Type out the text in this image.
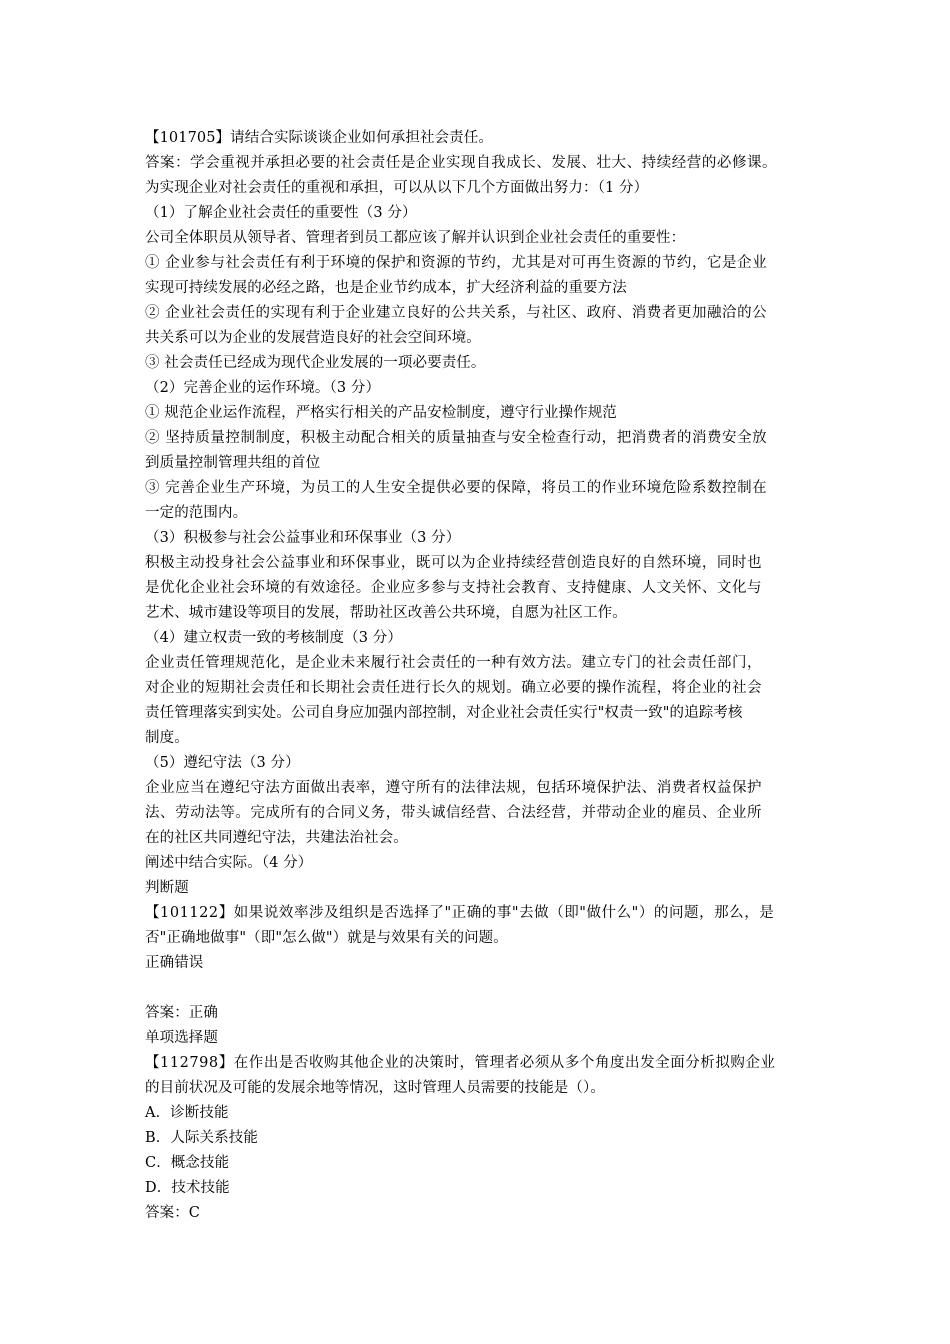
【101705】请结合实际谈谈企业如何承担社会责任。
答案：学会重视并承担必要的社会责任是企业实现自我成长、发展、壮大、持续经营的必修课。
为实现企业对社会责任的重视和承担，可以从以下几个方面做出努力：（1 分）
（1）了解企业社会责任的重要性（3 分）
公司全体职员从领导者、管理者到员工都应该了解并认识到企业社会责任的重要性：
① 企业参与社会责任有利于环境的保护和资源的节约，尤其是对可再生资源的节约，它是企业
实现可持续发展的必经之路，也是企业节约成本，扩大经济利益的重要方法
② 企业社会责任的实现有利于企业建立良好的公共关系，与社区、政府、消费者更加融洽的公
共关系可以为企业的发展营造良好的社会空间环境。
③ 社会责任已经成为现代企业发展的一项必要责任。
（2）完善企业的运作环境。（3 分）
① 规范企业运作流程，严格实行相关的产品安检制度，遵守行业操作规范
② 坚持质量控制制度，积极主动配合相关的质量抽查与安全检查行动，把消费者的消费安全放
到质量控制管理共组的首位
③ 完善企业生产环境，为员工的人生安全提供必要的保障，将员工的作业环境危险系数控制在
一定的范围内。
（3）积极参与社会公益事业和环保事业（3 分）
积极主动投身社会公益事业和环保事业，既可以为企业持续经营创造良好的自然环境，同时也
是优化企业社会环境的有效途径。企业应多参与支持社会教育、支持健康、人文关怀、文化与
艺术、城市建设等项目的发展，帮助社区改善公共环境，自愿为社区工作。
（4）建立权责一致的考核制度（3 分）
企业责任管理规范化，是企业未来履行社会责任的一种有效方法。建立专门的社会责任部门，
对企业的短期社会责任和长期社会责任进行长久的规划。确立必要的操作流程，将企业的社会
责任管理落实到实处。公司自身应加强内部控制，对企业社会责任实行"权责一致"的追踪考核
制度。
（5）遵纪守法（3 分）
企业应当在遵纪守法方面做出表率，遵守所有的法律法规，包括环境保护法、消费者权益保护
法、劳动法等。完成所有的合同义务，带头诚信经营、合法经营，并带动企业的雇员、企业所
在的社区共同遵纪守法，共建法治社会。
阐述中结合实际。（4 分）
判断题
【101122】如果说效率涉及组织是否选择了"正确的事"去做（即"做什么"）的问题，那么，是
否"正确地做事"（即"怎么做"）就是与效果有关的问题。
正确错误
答案：正确
单项选择题
【112798】在作出是否收购其他企业的决策时，管理者必须从多个角度出发全面分析拟购企业
的目前状况及可能的发展余地等情况，这时管理人员需要的技能是（）。
A．诊断技能
B．人际关系技能
C．概念技能
D．技术技能
答案：C
